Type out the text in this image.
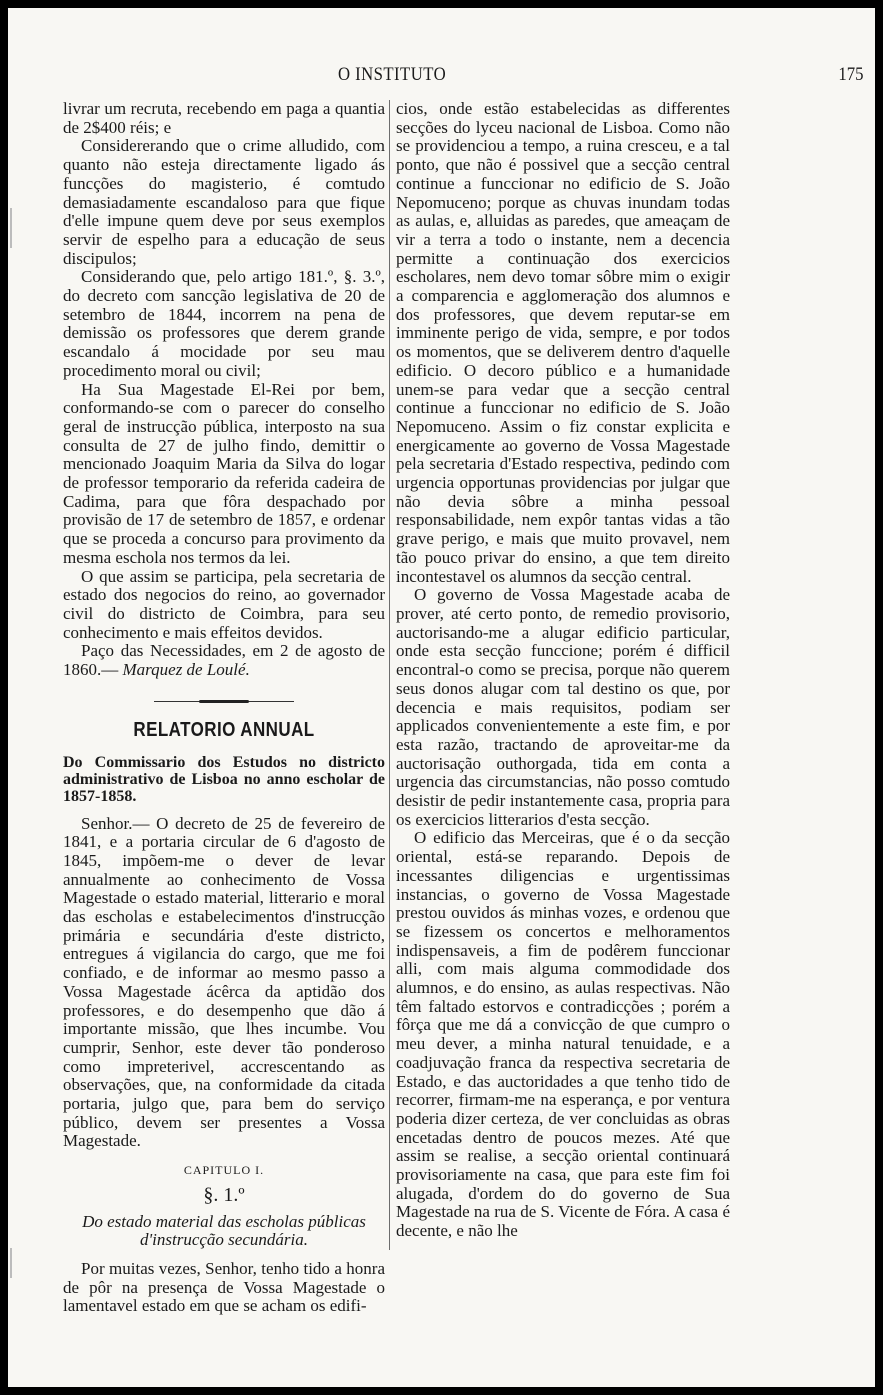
O INSTITUTO	175

livrar um recruta, recebendo em paga a quantia de 2$400 réis; e

Considererando que o crime alludido, com quanto não esteja directamente ligado ás funcções do magisterio, é comtudo demasiadamente escandaloso para que fique d'elle impune quem deve por seus exemplos servir de espelho para a educação de seus discipulos;

Considerando que, pelo artigo 181.º, §. 3.º, do decreto com sancção legislativa de 20 de setembro de 1844, incorrem na pena de demissão os professores que derem grande escandalo á mocidade por seu mau procedimento moral ou civil;

Ha Sua Magestade El-Rei por bem, conformando-se com o parecer do conselho geral de instrucção pública, interposto na sua consulta de 27 de julho findo, demittir o mencionado Joaquim Maria da Silva do logar de professor temporario da referida cadeira de Cadima, para que fôra despachado por provisão de 17 de setembro de 1857, e ordenar que se proceda a concurso para provimento da mesma eschola nos termos da lei.

O que assim se participa, pela secretaria de estado dos negocios do reino, ao governador civil do districto de Coimbra, para seu conhecimento e mais effeitos devidos.

Paço das Necessidades, em 2 de agosto de 1860.— Marquez de Loulé.

RELATORIO ANNUAL
Do Commissario dos Estudos no districto administrativo de Lisboa no anno escholar de 1857-1858.

Senhor.— O decreto de 25 de fevereiro de 1841, e a portaria circular de 6 d'agosto de 1845, impõem-me o dever de levar annualmente ao conhecimento de Vossa Magestade o estado material, litterario e moral das escholas e estabelecimentos d'instrucção primária e secundária d'este districto, entregues á vigilancia do cargo, que me foi confiado, e de informar ao mesmo passo a Vossa Magestade ácêrca da aptidão dos professores, e do desempenho que dão á importante missão, que lhes incumbe. Vou cumprir, Senhor, este dever tão ponderoso como impreterivel, accrescentando as observações, que, na conformidade da citada portaria, julgo que, para bem do serviço público, devem ser presentes a Vossa Magestade.

CAPITULO I.
§. 1.º
Do estado material das escholas públicas d'instrucção secundária.

Por muitas vezes, Senhor, tenho tido a honra de pôr na presença de Vossa Magestade o lamentavel estado em que se acham os edifi-

cios, onde estão estabelecidas as differentes secções do lyceu nacional de Lisboa. Como não se providenciou a tempo, a ruina cresceu, e a tal ponto, que não é possivel que a secção central continue a funccionar no edificio de S. João Nepomuceno; porque as chuvas inundam todas as aulas, e, alluidas as paredes, que ameaçam de vir a terra a todo o instante, nem a decencia permitte a continuação dos exercicios escholares, nem devo tomar sôbre mim o exigir a comparencia e agglomeração dos alumnos e dos professores, que devem reputar-se em imminente perigo de vida, sempre, e por todos os momentos, que se deliverem dentro d'aquelle edificio. O decoro público e a humanidade unem-se para vedar que a secção central continue a funccionar no edificio de S. João Nepomuceno. Assim o fiz constar explicita e energicamente ao governo de Vossa Magestade pela secretaria d'Estado respectiva, pedindo com urgencia opportunas providencias por julgar que não devia sôbre a minha pessoal responsabilidade, nem expôr tantas vidas a tão grave perigo, e mais que muito provavel, nem tão pouco privar do ensino, a que tem direito incontestavel os alumnos da secção central.

O governo de Vossa Magestade acaba de prover, até certo ponto, de remedio provisorio, auctorisando-me a alugar edificio particular, onde esta secção funccione; porém é difficil encontral-o como se precisa, porque não querem seus donos alugar com tal destino os que, por decencia e mais requisitos, podiam ser applicados convenientemente a este fim, e por esta razão, tractando de aproveitar-me da auctorisação outhorgada, tida em conta a urgencia das circumstancias, não posso comtudo desistir de pedir instantemente casa, propria para os exercicios litterarios d'esta secção.

O edificio das Merceiras, que é o da secção oriental, está-se reparando. Depois de incessantes diligencias e urgentissimas instancias, o governo de Vossa Magestade prestou ouvidos ás minhas vozes, e ordenou que se fizessem os concertos e melhoramentos indispensaveis, a fim de podêrem funccionar alli, com mais alguma commodidade dos alumnos, e do ensino, as aulas respectivas. Não têm faltado estorvos e contradicções ; porém a fôrça que me dá a convicção de que cumpro o meu dever, a minha natural tenuidade, e a coadjuvação franca da respectiva secretaria de Estado, e das auctoridades a que tenho tido de recorrer, firmam-me na esperança, e por ventura poderia dizer certeza, de ver concluidas as obras encetadas dentro de poucos mezes. Até que assim se realise, a secção oriental continuará provisoriamente na casa, que para este fim foi alugada, d'ordem do do governo de Sua Magestade na rua de S. Vicente de Fóra. A casa é decente, e não lhe
